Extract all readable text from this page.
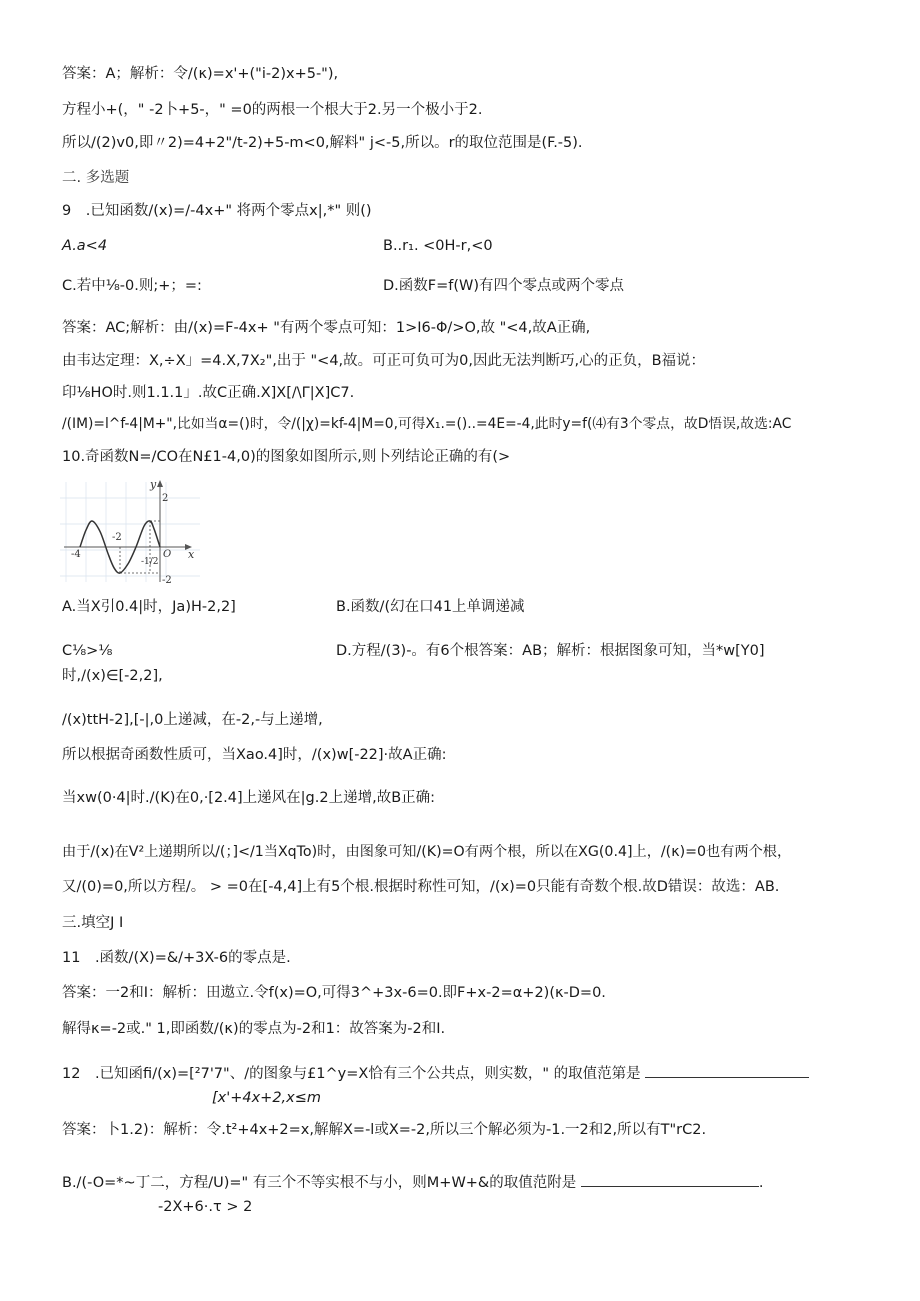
答案：A；解析：令/(κ)=x'+("i-2)x+5-"),
方程小+(，" -2卜+5-，" =0的两根一个根大于2.另一个极小于2.
所以/(2)v0,即〃2)=4+2"/t-2)+5-m<0,解料" j<-5,所以。r的取位范围是(F.-5).
二. 多选题
9　.已知函数/(x)=/-4x+" 将两个零点x|,*" 则()
A.a<4	B..r₁. <0H-r,<0
C.若中⅛-0.则;+；=:	D.函数F=f(W)有四个零点或两个零点
答案：AC;解析：由/(x)=F-4x+ "有两个零点可知：1>I6-Φ/>O,故 "<4,故A正确,
由韦达定理：X,÷X」=4.X,7X₂",出于 "<4,故。可正可负可为0,因此无法判断巧,心的正负，B福说：
印⅛HO时.则1.1.1」.故C正确.X]X[/\Γ|X]C7.
/(IM)=l^f-4|M+",比如当α=()时，令/(|χ)=kf-4|M=0,可得X₁.=()..=4E=-4,此时y=f(⑷有3个零点，故D悟误,故选:AC
10.奇函数N=/CO在N£1-4,0)的图象如图所示,则卜列结论正确的有(>
-4
-2
O
2
-2
-1/2
x
y
A.当X引0.4|时，Ja)H-2,2]	B.函数/(幻在口41上单调递减
C⅛>⅛	D.方程/(3)-。有6个根答案：AB；解析：根据图象可知，当*w[Y0]
时,/(x)∈[-2,2],
/(x)ttH-2],[-|,0上递减，在-2,-与上递增,
所以根据奇函数性质可，当Xao.4]时，/(x)w[-22]·故A正确:
当xw(0·4|时./(K)在0,·[2.4]上递风在|g.2上递增,故B正确:
由于/(x)在V²上递期所以/(；]</1当XqTo)时，由图象可知/(K)=O有两个根，所以在XG(0.4]上，/(κ)=0也有两个根，
又/(0)=0,所以方程/。 > =0在[-4,4]上有5个根.根据时称性可知，/(x)=0只能有奇数个根.故D错误：故选：AB.
三.填空J I
11　.函数/(X)=&/+3X-6的零点是.
答案：一2和I：解析：田遨立.令f(x)=O,可得3^+3x-6=0.即F+x-2=α+2)(κ-D=0.
解得κ=-2或." 1,即函数/(κ)的零点为-2和1：故答案为-2和I.
12　.已知函fi/(x)=[²7'7"、/的图象与£1^y=X恰有三个公共点，则实数，" 的取值范第是
[x'+4x+2,x≤m
答案：卜1.2)：解析：令.t²+4x+2=x,解解X=-l或X=-2,所以三个解必须为-1.一2和2,所以有T"rC2.
B./(-O=*~丁二，方程/U)=" 有三个不等实根不与小，则M+W+&的取值范附是	.
-2X+6·.τ > 2
